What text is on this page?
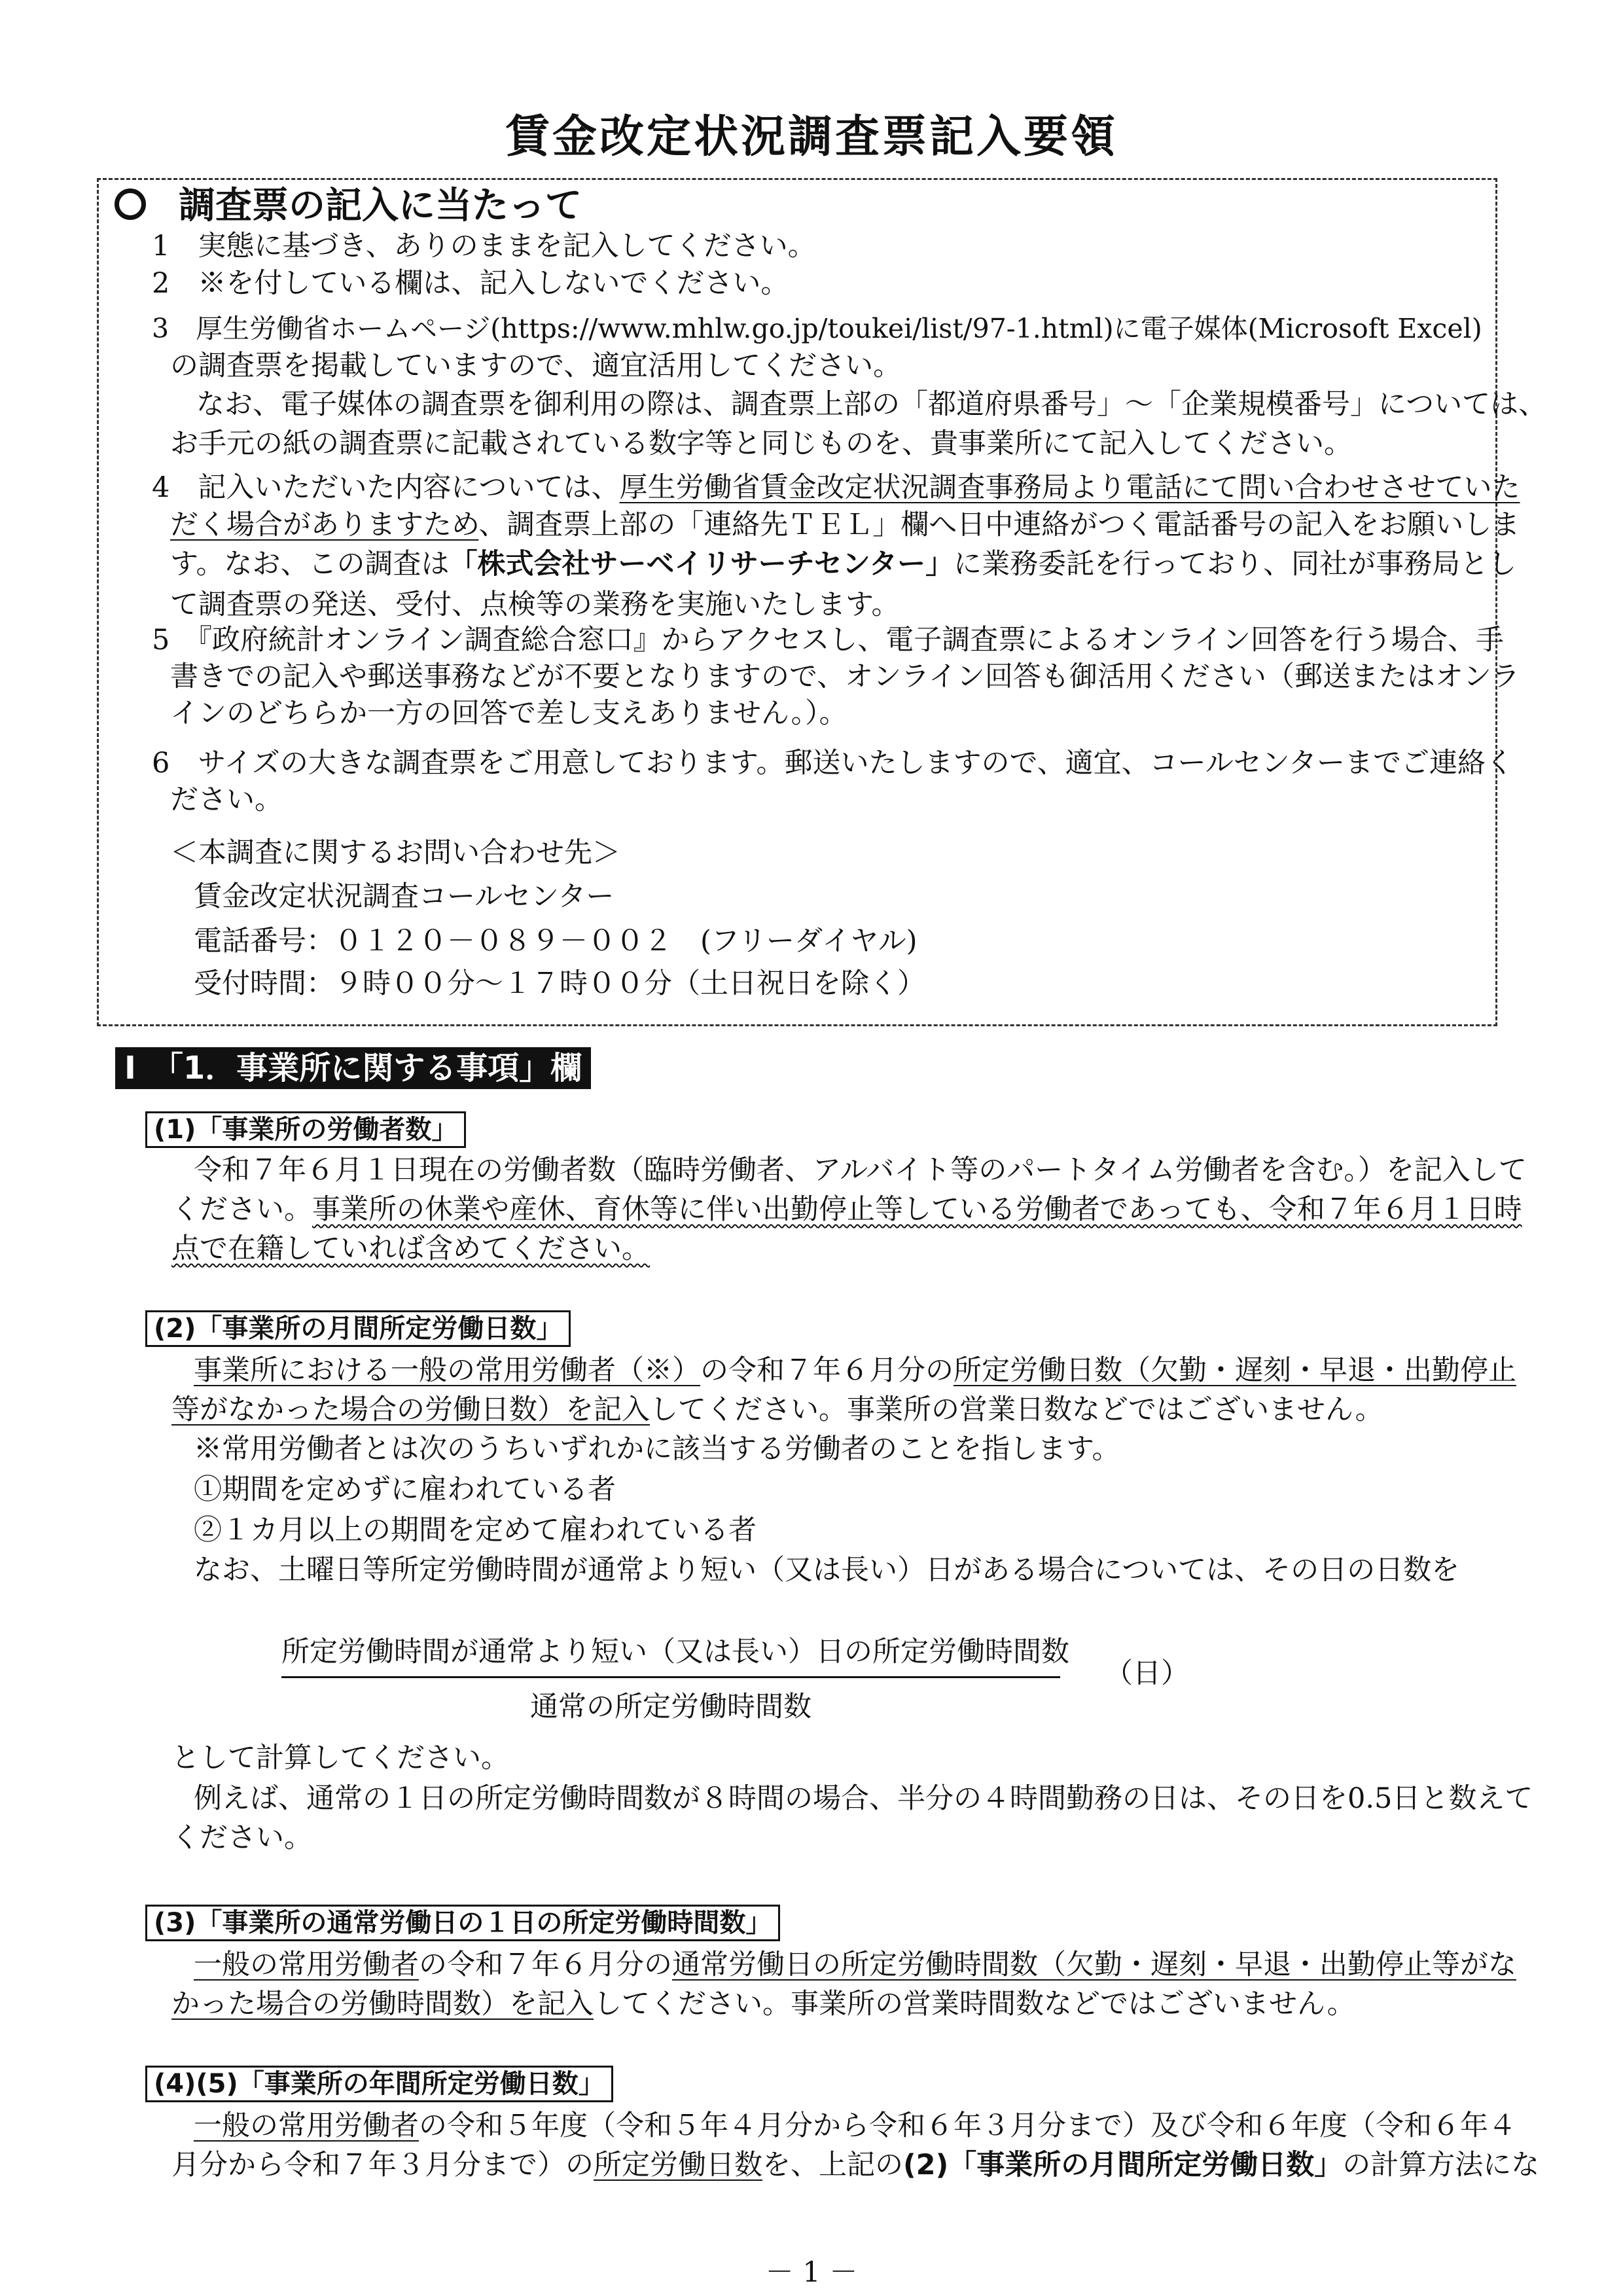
賃金改定状況調査票記入要領
調査票の記入に当たって
1　実態に基づき、ありのままを記入してください。
2　※を付している欄は、記入しないでください。
3　厚生労働省ホームページ(https://www.mhlw.go.jp/toukei/list/97-1.html)に電子媒体(Microsoft Excel)
の調査票を掲載していますので、適宜活用してください。
なお、電子媒体の調査票を御利用の際は、調査票上部の「都道府県番号」～「企業規模番号」については、
お手元の紙の調査票に記載されている数字等と同じものを、貴事業所にて記入してください。
4　記入いただいた内容については、厚生労働省賃金改定状況調査事務局より電話にて問い合わせさせていた
だく場合がありますため、調査票上部の「連絡先ＴＥＬ」欄へ日中連絡がつく電話番号の記入をお願いしま
す。なお、この調査は「株式会社サーベイリサーチセンター」に業務委託を行っており、同社が事務局とし
て調査票の発送、受付、点検等の業務を実施いたします。
5　『政府統計オンライン調査総合窓口』からアクセスし、電子調査票によるオンライン回答を行う場合、手
書きでの記入や郵送事務などが不要となりますので、オンライン回答も御活用ください（郵送またはオンラ
インのどちらか一方の回答で差し支えありません。）。
6　サイズの大きな調査票をご用意しております。郵送いたしますので、適宜、コールセンターまでご連絡く
ださい。
＜本調査に関するお問い合わせ先＞
賃金改定状況調査コールセンター
電話番号：０１２０－０８９－００２　(フリーダイヤル)
受付時間：９時００分～１７時００分（土日祝日を除く）
Ⅰ　「1．事業所に関する事項」欄
(1)「事業所の労働者数」
令和７年６月１日現在の労働者数（臨時労働者、アルバイト等のパートタイム労働者を含む。）を記入して
ください。事業所の休業や産休、育休等に伴い出勤停止等している労働者であっても、令和７年６月１日時
点で在籍していれば含めてください。
(2)「事業所の月間所定労働日数」
事業所における一般の常用労働者（※）の令和７年６月分の所定労働日数（欠勤・遅刻・早退・出勤停止
等がなかった場合の労働日数）を記入してください。事業所の営業日数などではございません。
※常用労働者とは次のうちいずれかに該当する労働者のことを指します。
①期間を定めずに雇われている者
②１カ月以上の期間を定めて雇われている者
なお、土曜日等所定労働時間が通常より短い（又は長い）日がある場合については、その日の日数を
所定労働時間が通常より短い（又は長い）日の所定労働時間数
通常の所定労働時間数
（日）
として計算してください。
例えば、通常の１日の所定労働時間数が８時間の場合、半分の４時間勤務の日は、その日を0.5日と数えて
ください。
(3)「事業所の通常労働日の１日の所定労働時間数」
一般の常用労働者の令和７年６月分の通常労働日の所定労働時間数（欠勤・遅刻・早退・出勤停止等がな
かった場合の労働時間数）を記入してください。事業所の営業時間数などではございません。
(4)(5)「事業所の年間所定労働日数」
一般の常用労働者の令和５年度（令和５年４月分から令和６年３月分まで）及び令和６年度（令和６年４
月分から令和７年３月分まで）の所定労働日数を、上記の(2)「事業所の月間所定労働日数」の計算方法にな
－ 1 －
